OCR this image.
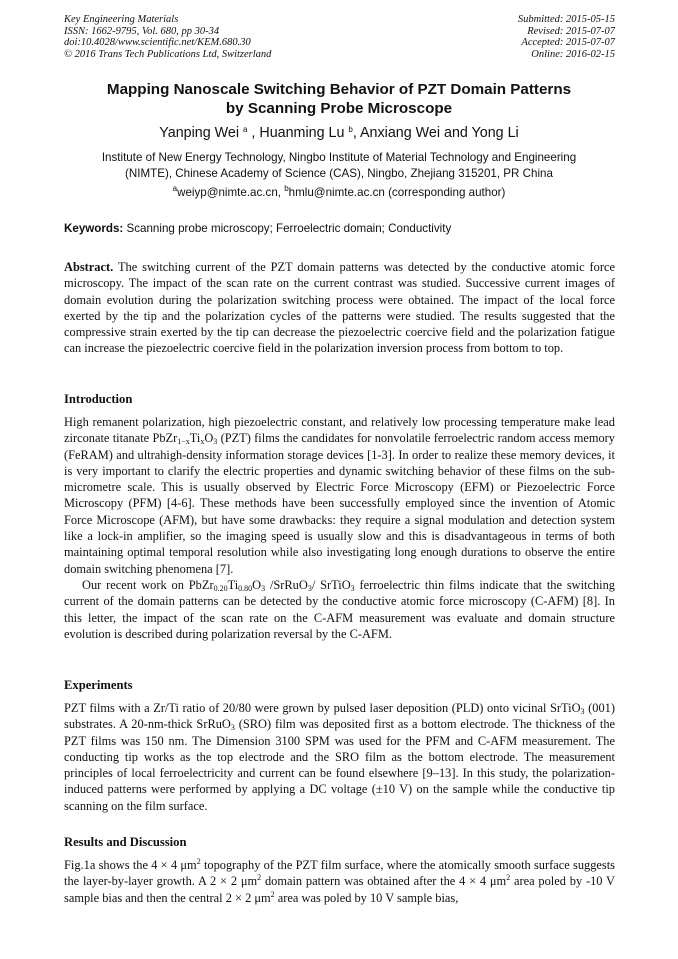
Key Engineering Materials
ISSN: 1662-9795, Vol. 680, pp 30-34
doi:10.4028/www.scientific.net/KEM.680.30
© 2016 Trans Tech Publications Ltd, Switzerland
Submitted: 2015-05-15
Revised: 2015-07-07
Accepted: 2015-07-07
Online: 2016-02-15
Mapping Nanoscale Switching Behavior of PZT Domain Patterns
by Scanning Probe Microscope
Yanping Wei $^a$ , Huanming Lu $^b$, Anxiang Wei and Yong Li
Institute of New Energy Technology, Ningbo Institute of Material Technology and Engineering
(NIMTE), Chinese Academy of Science (CAS), Ningbo, Zhejiang 315201, PR China
$^a$weiyp@nimte.ac.cn, $^b$hmlu@nimte.ac.cn (corresponding author)
Keywords: Scanning probe microscopy; Ferroelectric domain; Conductivity
Abstract. The switching current of the PZT domain patterns was detected by the conductive atomic force microscopy. The impact of the scan rate on the current contrast was studied. Successive current images of domain evolution during the polarization switching process were obtained. The impact of the local force exerted by the tip and the polarization cycles of the patterns were studied. The results suggested that the compressive strain exerted by the tip can decrease the piezoelectric coercive field and the polarization fatigue can increase the piezoelectric coercive field in the polarization inversion process from bottom to top.
Introduction
High remanent polarization, high piezoelectric constant, and relatively low processing temperature make lead zirconate titanate $PbZr_{1-x}Ti_xO_3$ (PZT) films the candidates for nonvolatile ferroelectric random access memory (FeRAM) and ultrahigh-density information storage devices [1-3]. In order to realize these memory devices, it is very important to clarify the electric properties and dynamic switching behavior of these films on the sub-micrometre scale. This is usually observed by Electric Force Microscopy (EFM) or Piezoelectric Force Microscopy (PFM) [4-6]. These methods have been successfully employed since the invention of Atomic Force Microscope (AFM), but have some drawbacks: they require a signal modulation and detection system like a lock-in amplifier, so the imaging speed is usually slow and this is disadvantageous in terms of both maintaining optimal temporal resolution while also investigating long enough durations to observe the entire domain switching phenomena [7].
Our recent work on $PbZr_{0.20}Ti_{0.80}O_3$ /SrRuO$_3$/ SrTiO$_3$ ferroelectric thin films indicate that the switching current of the domain patterns can be detected by the conductive atomic force microscopy (C-AFM) [8]. In this letter, the impact of the scan rate on the C-AFM measurement was evaluate and domain structure evolution is described during polarization reversal by the C-AFM.
Experiments
PZT films with a Zr/Ti ratio of 20/80 were grown by pulsed laser deposition (PLD) onto vicinal SrTiO$_3$ (001) substrates. A 20-nm-thick SrRuO$_3$ (SRO) film was deposited first as a bottom electrode. The thickness of the PZT films was 150 nm. The Dimension 3100 SPM was used for the PFM and C-AFM measurement. The conducting tip works as the top electrode and the SRO film as the bottom electrode. The measurement principles of local ferroelectricity and current can be found elsewhere [9–13]. In this study, the polarization-induced patterns were performed by applying a DC voltage (±10 V) on the sample while the conductive tip scanning on the film surface.
Results and Discussion
Fig.1a shows the 4 × 4 $\mu m^2$ topography of the PZT film surface, where the atomically smooth surface suggests the layer-by-layer growth. A 2 × 2 $\mu m^2$ domain pattern was obtained after the 4 × 4 $\mu m^2$ area poled by -10 V sample bias and then the central 2 × 2 $\mu m^2$ area was poled by 10 V sample bias,
